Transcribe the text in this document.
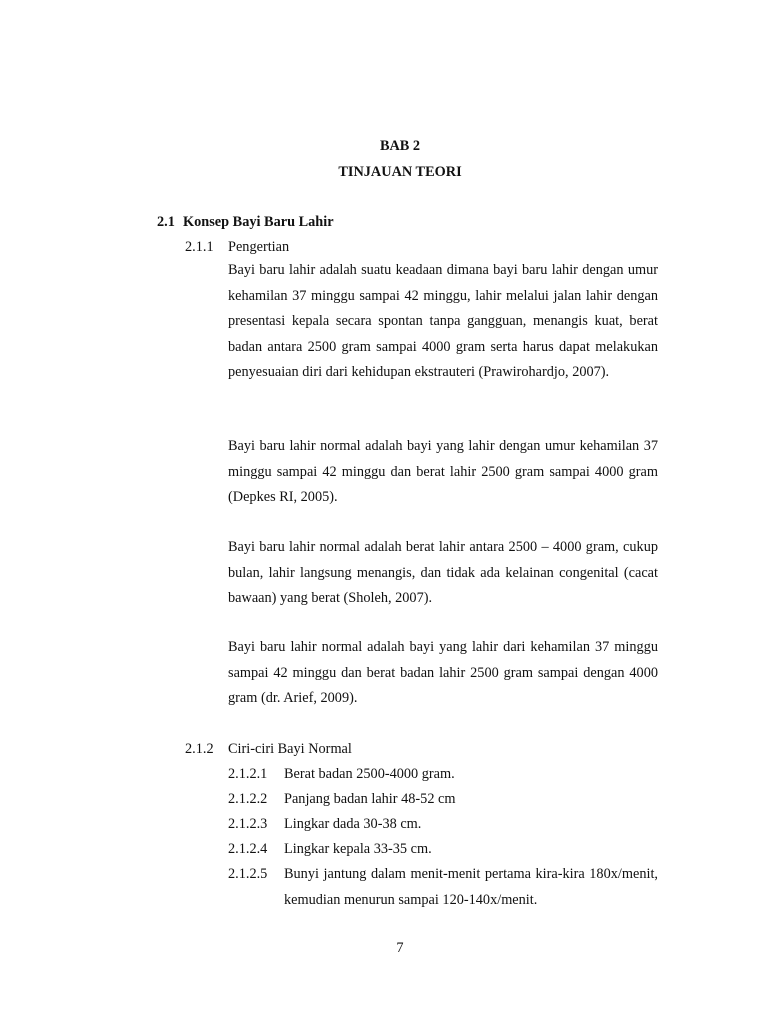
BAB 2
TINJAUAN TEORI
2.1 Konsep Bayi Baru Lahir
2.1.1 Pengertian
Bayi baru lahir adalah suatu keadaan dimana bayi baru lahir dengan umur kehamilan 37 minggu sampai 42 minggu, lahir melalui jalan lahir dengan presentasi kepala secara spontan tanpa gangguan, menangis kuat, berat badan antara 2500 gram sampai 4000 gram serta harus dapat melakukan penyesuaian diri dari kehidupan ekstrauteri (Prawirohardjo, 2007).
Bayi baru lahir normal adalah bayi yang lahir dengan umur kehamilan 37 minggu sampai 42 minggu dan berat lahir 2500 gram sampai 4000 gram (Depkes RI, 2005).
Bayi baru lahir normal adalah berat lahir antara 2500 – 4000 gram, cukup bulan, lahir langsung menangis, dan tidak ada kelainan congenital (cacat bawaan) yang berat (Sholeh, 2007).
Bayi baru lahir normal adalah bayi yang lahir dari kehamilan 37 minggu sampai 42 minggu dan berat badan lahir 2500 gram sampai dengan 4000 gram (dr. Arief, 2009).
2.1.2 Ciri-ciri Bayi Normal
2.1.2.1 Berat badan 2500-4000 gram.
2.1.2.2 Panjang badan lahir 48-52 cm
2.1.2.3 Lingkar dada 30-38 cm.
2.1.2.4 Lingkar kepala 33-35 cm.
2.1.2.5 Bunyi jantung dalam menit-menit pertama kira-kira 180x/menit, kemudian menurun sampai 120-140x/menit.
7
